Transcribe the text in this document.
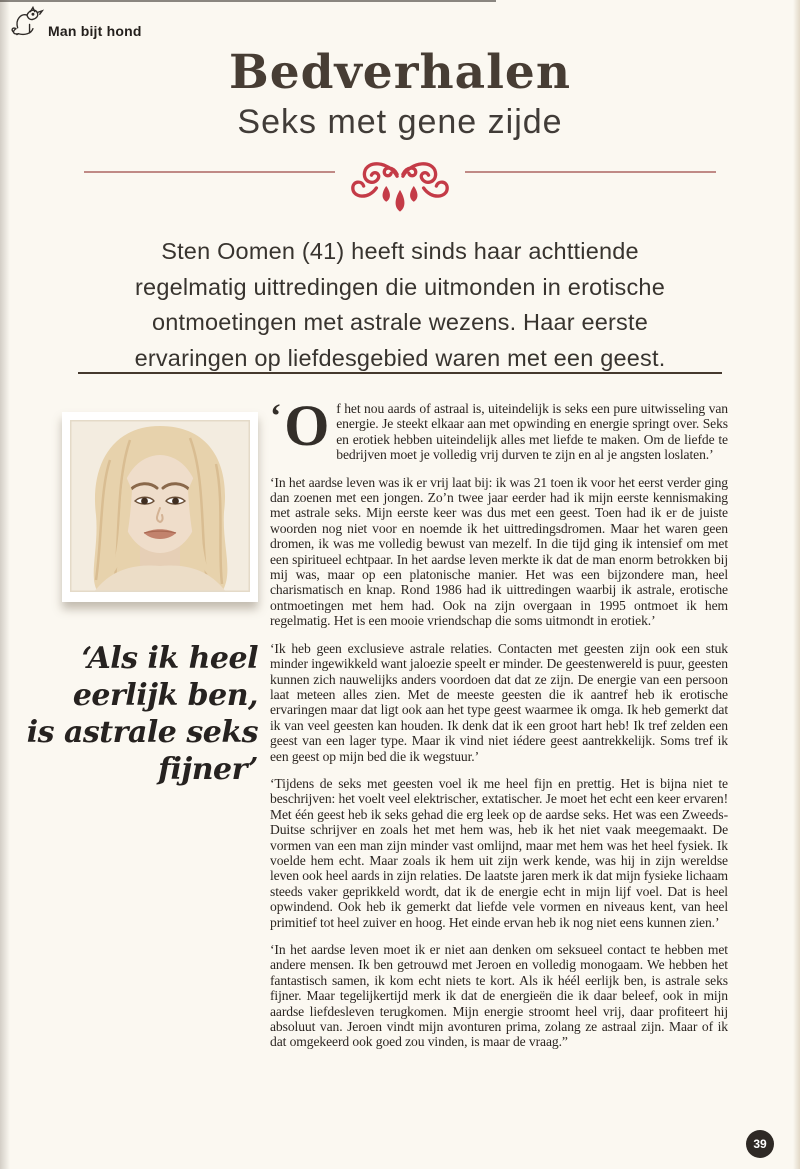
Man bijt hond
Bedverhalen
Seks met gene zijde
Sten Oomen (41) heeft sinds haar achttiende
regelmatig uittredingen die uitmonden in erotische
ontmoetingen met astrale wezens. Haar eerste
ervaringen op liefdesgebied waren met een geest.
‘Als ik heel
eerlijk ben,
is astrale seks
fijner’

‘ O f het nou aards of astraal is, uiteindelijk is seks een pure uitwisseling van energie. Je steekt elkaar aan met opwinding en energie springt over. Seks en erotiek hebben uiteindelijk alles met liefde te maken. Om de liefde te bedrijven moet je volledig vrij durven te zijn en al je angsten loslaten.’

‘In het aardse leven was ik er vrij laat bij: ik was 21 toen ik voor het eerst verder ging dan zoenen met een jongen. Zo’n twee jaar eerder had ik mijn eerste kennismaking met astrale seks. Mijn eerste keer was dus met een geest. Toen had ik er de juiste woorden nog niet voor en noemde ik het uittredingsdromen. Maar het waren geen dromen, ik was me volledig bewust van mezelf. In die tijd ging ik intensief om met een spiritueel echtpaar. In het aardse leven merkte ik dat de man enorm betrokken bij mij was, maar op een platonische manier. Het was een bijzondere man, heel charismatisch en knap. Rond 1986 had ik uittredingen waarbij ik astrale, erotische ontmoetingen met hem had. Ook na zijn overgaan in 1995 ontmoet ik hem regelmatig. Het is een mooie vriendschap die soms uitmondt in erotiek.’

‘Ik heb geen exclusieve astrale relaties. Contacten met geesten zijn ook een stuk minder ingewikkeld want jaloezie speelt er minder. De geestenwereld is puur, geesten kunnen zich nauwelijks anders voordoen dat dat ze zijn. De energie van een persoon laat meteen alles zien. Met de meeste geesten die ik aantref heb ik erotische ervaringen maar dat ligt ook aan het type geest waarmee ik omga. Ik heb gemerkt dat ik van veel geesten kan houden. Ik denk dat ik een groot hart heb! Ik tref zelden een geest van een lager type. Maar ik vind niet iédere geest aantrekkelijk. Soms tref ik een geest op mijn bed die ik wegstuur.’

‘Tijdens de seks met geesten voel ik me heel fijn en prettig. Het is bijna niet te beschrijven: het voelt veel elektrischer, extatischer. Je moet het echt een keer ervaren! Met één geest heb ik seks gehad die erg leek op de aardse seks. Het was een Zweeds-Duitse schrijver en zoals het met hem was, heb ik het niet vaak meegemaakt. De vormen van een man zijn minder vast omlijnd, maar met hem was het heel fysiek. Ik voelde hem echt. Maar zoals ik hem uit zijn werk kende, was hij in zijn wereldse leven ook heel aards in zijn relaties. De laatste jaren merk ik dat mijn fysieke lichaam steeds vaker geprikkeld wordt, dat ik de energie echt in mijn lijf voel. Dat is heel opwindend. Ook heb ik gemerkt dat liefde vele vormen en niveaus kent, van heel primitief tot heel zuiver en hoog. Het einde ervan heb ik nog niet eens kunnen zien.’

‘In het aardse leven moet ik er niet aan denken om seksueel contact te hebben met andere mensen. Ik ben getrouwd met Jeroen en volledig monogaam. We hebben het fantastisch samen, ik kom echt niets te kort. Als ik héél eerlijk ben, is astrale seks fijner. Maar tegelijkertijd merk ik dat de energieën die ik daar beleef, ook in mijn aardse liefdesleven terugkomen. Mijn energie stroomt heel vrij, daar profiteert hij absoluut van. Jeroen vindt mijn avonturen prima, zolang ze astraal zijn. Maar of ik dat omgekeerd ook goed zou vinden, is maar de vraag.”

39
